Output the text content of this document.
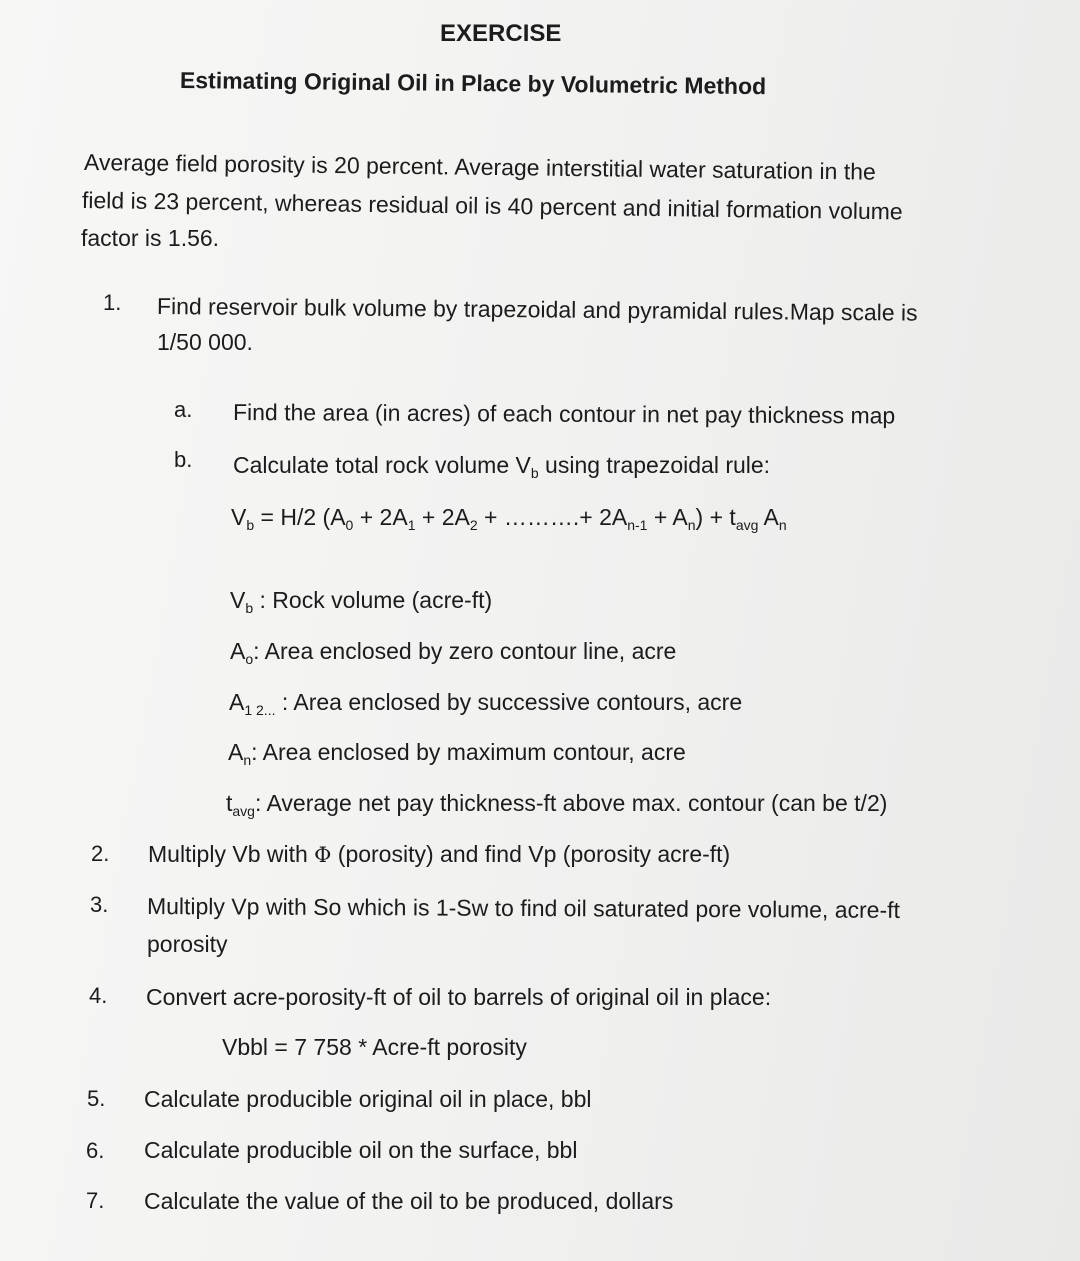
EXERCISE
Estimating Original Oil in Place by Volumetric Method
Average field porosity is 20 percent. Average interstitial water saturation in the
field is 23 percent, whereas residual oil is 40 percent and initial formation volume
factor is 1.56.
1. Find reservoir bulk volume by trapezoidal and pyramidal rules.Map scale is
1/50 000.
a. Find the area (in acres) of each contour in net pay thickness map
b. Calculate total rock volume $V_b$ using trapezoidal rule:
$V_b = H/2$ ($A_0 + 2A_1 + 2A_2$ + ……….+ $2A_{n-1} + A_n) + t_{avg}$ $A_n$
$V_b$ : Rock volume (acre-ft)
$A_o$: Area enclosed by zero contour line, acre
$A_{1 2...}$ : Area enclosed by successive contours, acre
$A_n$: Area enclosed by maximum contour, acre
$t_{avg}$: Average net pay thickness-ft above max. contour (can be t/2)
2. Multiply Vb with Φ (porosity) and find Vp (porosity acre-ft)
3. Multiply Vp with So which is 1-Sw to find oil saturated pore volume, acre-ft
porosity
4. Convert acre-porosity-ft of oil to barrels of original oil in place:
Vbbl = 7 758 * Acre-ft porosity
5. Calculate producible original oil in place, bbl
6. Calculate producible oil on the surface, bbl
7. Calculate the value of the oil to be produced, dollars
